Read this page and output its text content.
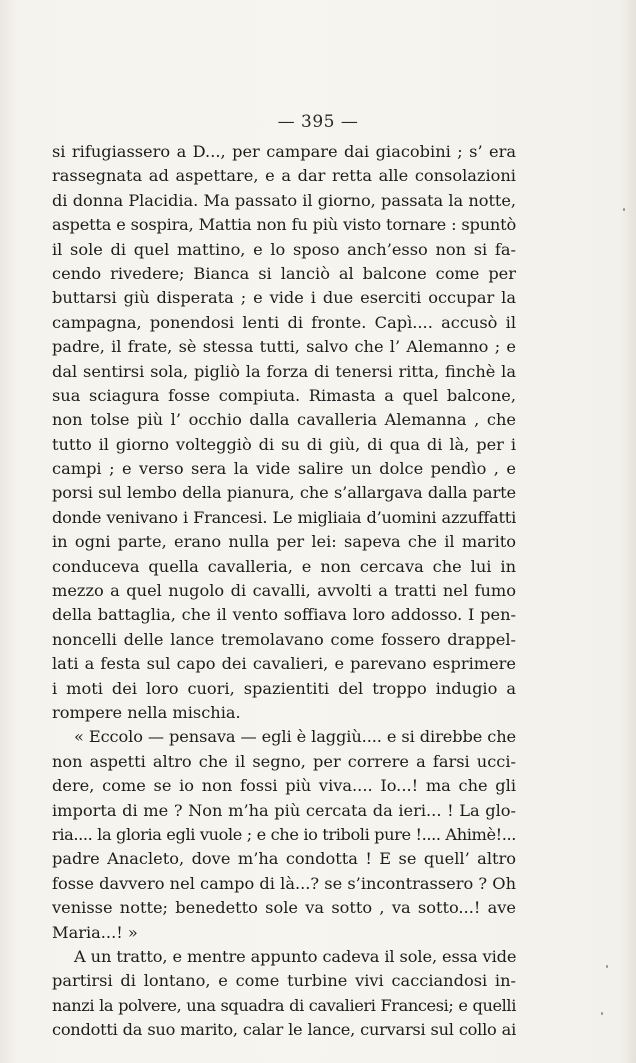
— 395 —
si rifugiassero a D..., per campare dai giacobini ; s’ era
rassegnata ad aspettare, e a dar retta alle consolazioni
di donna Placidia. Ma passato il giorno, passata la notte,
aspetta e sospira, Mattia non fu più visto tornare : spuntò
il sole di quel mattino, e lo sposo anch’esso non si fa-
cendo rivedere; Bianca si lanciò al balcone come per
buttarsi giù disperata ; e vide i due eserciti occupar la
campagna, ponendosi lenti di fronte. Capì.... accusò il
padre, il frate, sè stessa tutti, salvo che l’ Alemanno ; e
dal sentirsi sola, pigliò la forza di tenersi ritta, finchè la
sua sciagura fosse compiuta. Rimasta a quel balcone,
non tolse più l’ occhio dalla cavalleria Alemanna , che
tutto il giorno volteggiò di su di giù, di qua di là, per i
campi ; e verso sera la vide salire un dolce pendìo , e
porsi sul lembo della pianura, che s’allargava dalla parte
donde venivano i Francesi. Le migliaia d’uomini azzuffatti
in ogni parte, erano nulla per lei: sapeva che il marito
conduceva quella cavalleria, e non cercava che lui in
mezzo a quel nugolo di cavalli, avvolti a tratti nel fumo
della battaglia, che il vento soffiava loro addosso. I pen-
noncelli delle lance tremolavano come fossero drappel-
lati a festa sul capo dei cavalieri, e parevano esprimere
i moti dei loro cuori, spazientiti del troppo indugio a
rompere nella mischia.
« Eccolo — pensava — egli è laggiù.... e si direbbe che
non aspetti altro che il segno, per correre a farsi ucci-
dere, come se io non fossi più viva.... Io...! ma che gli
importa di me ? Non m’ha più cercata da ieri... ! La glo-
ria.... la gloria egli vuole ; e che io triboli pure !.... Ahimè!...
padre Anacleto, dove m’ha condotta ! E se quell’ altro
fosse davvero nel campo di là...? se s’incontrassero ? Oh
venisse notte; benedetto sole va sotto , va sotto...! ave
Maria...! »
A un tratto, e mentre appunto cadeva il sole, essa vide
partirsi di lontano, e come turbine vivi cacciandosi in-
nanzi la polvere, una squadra di cavalieri Francesi; e quelli
condotti da suo marito, calar le lance, curvarsi sul collo ai
